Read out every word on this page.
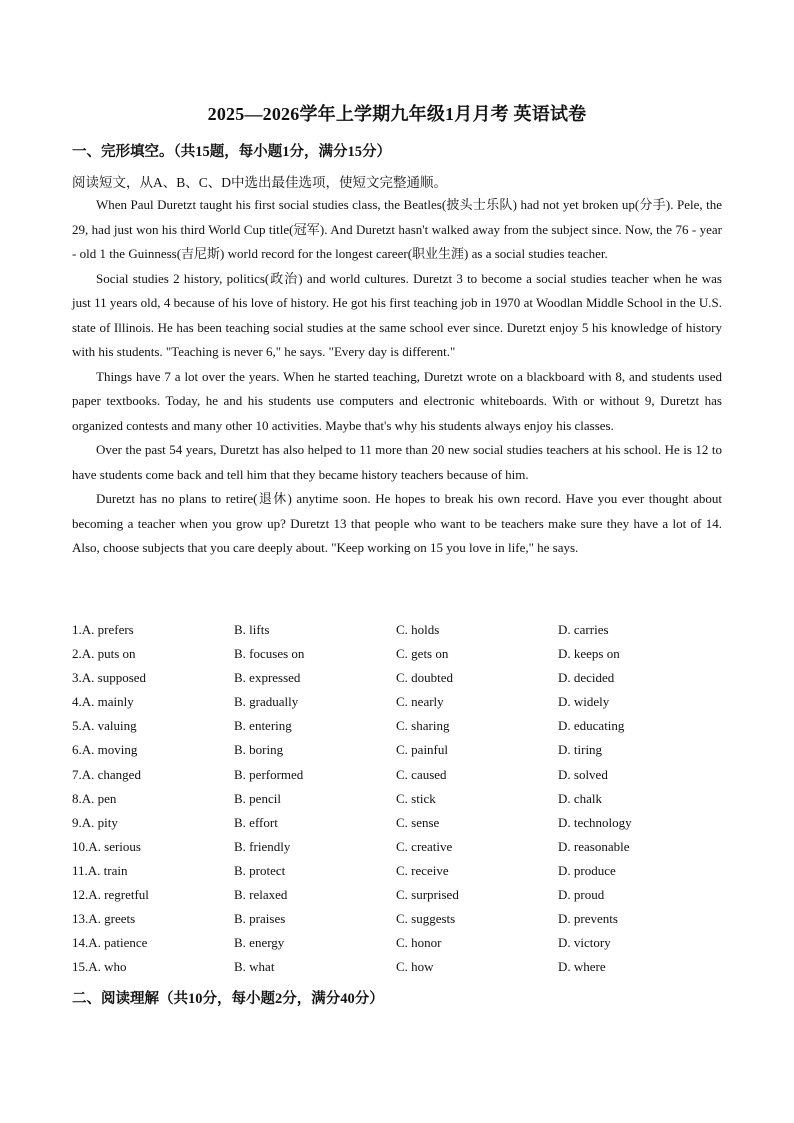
2025—2026学年上学期九年级1月月考 英语试卷
一、完形填空。（共15题，每小题1分，满分15分）
阅读短文，从A、B、C、D中选出最佳选项，使短文完整通顺。

When Paul Duretzt taught his first social studies class, the Beatles(披头士乐队) had not yet broken up(分手). Pele, the 29, had just won his third World Cup title(冠军). And Duretzt hasn't walked away from the subject since. Now, the 76 - year - old 1 the Guinness(吉尼斯) world record for the longest career(职业生涯) as a social studies teacher.

Social studies 2 history, politics(政治) and world cultures. Duretzt 3 to become a social studies teacher when he was just 11 years old, 4 because of his love of history. He got his first teaching job in 1970 at Woodlan Middle School in the U.S. state of Illinois. He has been teaching social studies at the same school ever since. Duretzt enjoy 5 his knowledge of history with his students. "Teaching is never 6," he says. "Every day is different."

Things have 7 a lot over the years. When he started teaching, Duretzt wrote on a blackboard with 8, and students used paper textbooks. Today, he and his students use computers and electronic whiteboards. With or without 9, Duretzt has organized contests and many other 10 activities. Maybe that's why his students always enjoy his classes.

Over the past 54 years, Duretzt has also helped to 11 more than 20 new social studies teachers at his school. He is 12 to have students come back and tell him that they became history teachers because of him.

Duretzt has no plans to retire(退休) anytime soon. He hopes to break his own record. Have you ever thought about becoming a teacher when you grow up? Duretzt 13 that people who want to be teachers make sure they have a lot of 14. Also, choose subjects that you care deeply about. "Keep working on 15 you love in life," he says.

1.A. prefers	B. lifts	C. holds	D. carries
2.A. puts on	B. focuses on	C. gets on	D. keeps on
3.A. supposed	B. expressed	C. doubted	D. decided
4.A. mainly	B. gradually	C. nearly	D. widely
5.A. valuing	B. entering	C. sharing	D. educating
6.A. moving	B. boring	C. painful	D. tiring
7.A. changed	B. performed	C. caused	D. solved
8.A. pen	B. pencil	C. stick	D. chalk
9.A. pity	B. effort	C. sense	D. technology
10.A. serious	B. friendly	C. creative	D. reasonable
11.A. train	B. protect	C. receive	D. produce
12.A. regretful	B. relaxed	C. surprised	D. proud
13.A. greets	B. praises	C. suggests	D. prevents
14.A. patience	B. energy	C. honor	D. victory
15.A. who	B. what	C. how	D. where
二、阅读理解（共10分，每小题2分，满分40分）
